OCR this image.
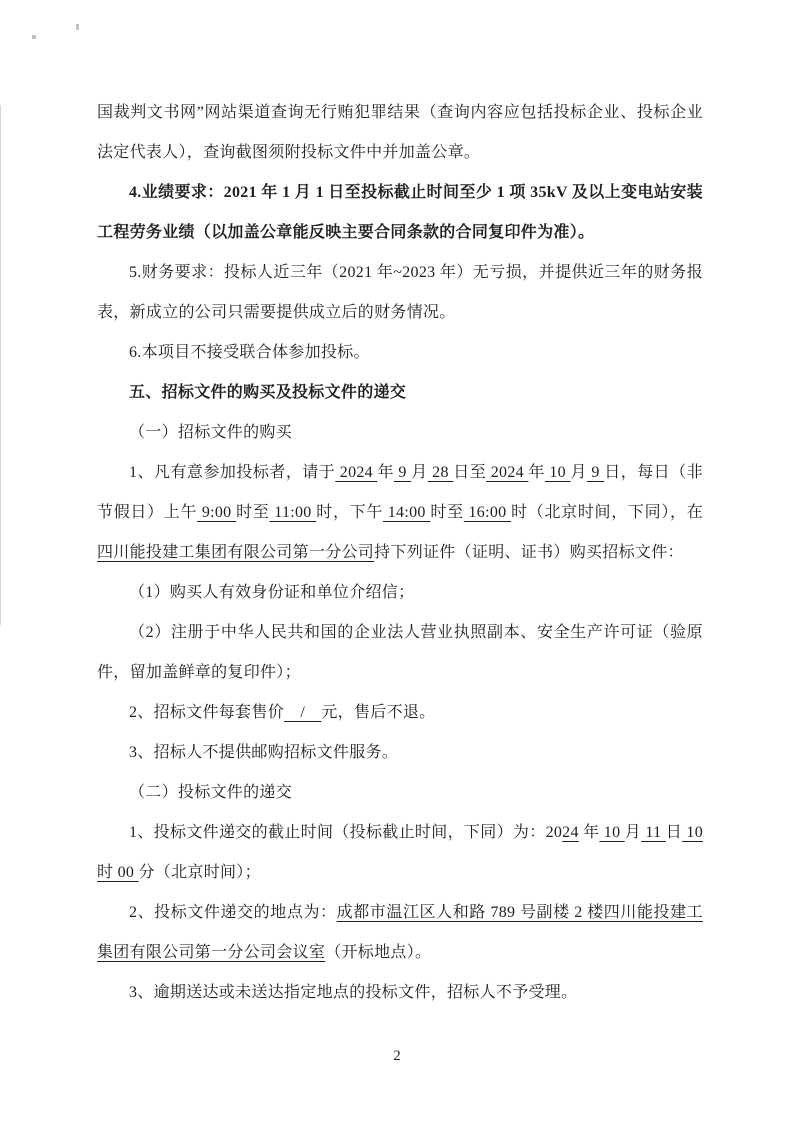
国裁判文书网”网站渠道查询无行贿犯罪结果（查询内容应包括投标企业、投标企业法定代表人），查询截图须附投标文件中并加盖公章。

4.业绩要求：2021 年 1 月 1 日至投标截止时间至少 1 项 35kV 及以上变电站安装工程劳务业绩（以加盖公章能反映主要合同条款的合同复印件为准）。

5.财务要求：投标人近三年（2021 年~2023 年）无亏损，并提供近三年的财务报表，新成立的公司只需要提供成立后的财务情况。

6.本项目不接受联合体参加投标。

五、招标文件的购买及投标文件的递交

（一）招标文件的购买

1、凡有意参加投标者，请于 2024 年 9 月 28 日至 2024 年 10 月 9 日，每日（非节假日）上午 9:00 时至 11:00 时，下午 14:00 时至 16:00 时（北京时间，下同），在四川能投建工集团有限公司第一分公司持下列证件（证明、证书）购买招标文件：

（1）购买人有效身份证和单位介绍信；

（2）注册于中华人民共和国的企业法人营业执照副本、安全生产许可证（验原件，留加盖鲜章的复印件）；

2、招标文件每套售价　/　元，售后不退。

3、招标人不提供邮购招标文件服务。

（二）投标文件的递交

1、投标文件递交的截止时间（投标截止时间，下同）为：2024 年 10 月 11 日 10时 00 分（北京时间）；

2、投标文件递交的地点为：成都市温江区人和路 789 号副楼 2 楼四川能投建工集团有限公司第一分公司会议室（开标地点）。

3、逾期送达或未送达指定地点的投标文件，招标人不予受理。

2
